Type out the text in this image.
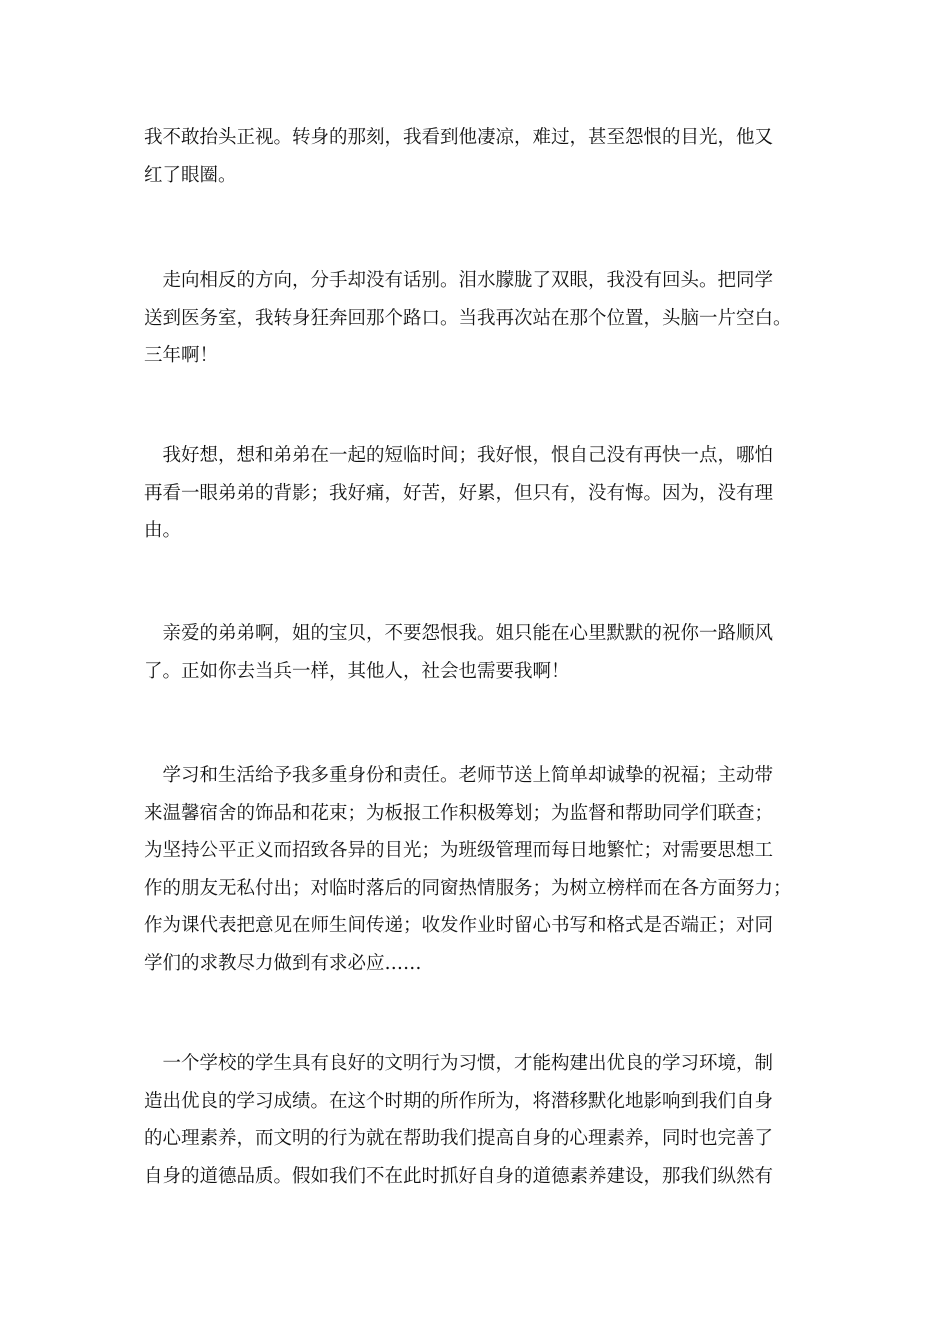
我不敢抬头正视。转身的那刻，我看到他凄凉，难过，甚至怨恨的目光，他又
红了眼圈。
　走向相反的方向，分手却没有话别。泪水朦胧了双眼，我没有回头。把同学
送到医务室，我转身狂奔回那个路口。当我再次站在那个位置，头脑一片空白。
三年啊！
　我好想，想和弟弟在一起的短临时间；我好恨，恨自己没有再快一点，哪怕
再看一眼弟弟的背影；我好痛，好苦，好累，但只有，没有悔。因为，没有理
由。
　亲爱的弟弟啊，姐的宝贝，不要怨恨我。姐只能在心里默默的祝你一路顺风
了。正如你去当兵一样，其他人，社会也需要我啊！
　学习和生活给予我多重身份和责任。老师节送上简单却诚挚的祝福；主动带
来温馨宿舍的饰品和花束；为板报工作积极筹划；为监督和帮助同学们联查；
为坚持公平正义而招致各异的目光；为班级管理而每日地繁忙；对需要思想工
作的朋友无私付出；对临时落后的同窗热情服务；为树立榜样而在各方面努力；
作为课代表把意见在师生间传递；收发作业时留心书写和格式是否端正；对同
学们的求教尽力做到有求必应……
　一个学校的学生具有良好的文明行为习惯，才能构建出优良的学习环境，制
造出优良的学习成绩。在这个时期的所作所为，将潜移默化地影响到我们自身
的心理素养，而文明的行为就在帮助我们提高自身的心理素养，同时也完善了
自身的道德品质。假如我们不在此时抓好自身的道德素养建设，那我们纵然有
